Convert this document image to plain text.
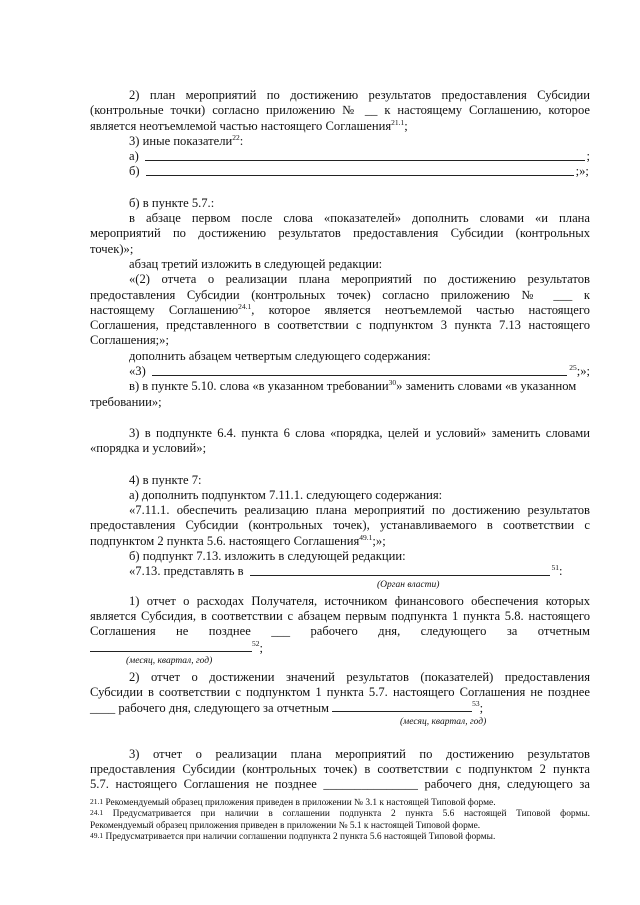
2) план мероприятий по достижению результатов предоставления Субсидии
(контрольные точки) согласно приложению № __ к настоящему Соглашению, которое
является неотъемлемой частью настоящего Соглашения$^{21.1}$;
3) иные показатели$^{22}$:
а)	;
б)	;»;
б) в пункте 5.7.:
в абзаце первом после слова «показателей» дополнить словами «и плана
мероприятий по достижению результатов предоставления Субсидии (контрольных
точек)»;
абзац третий изложить в следующей редакции:
«(2) отчета о реализации плана мероприятий по достижению результатов
предоставления Субсидии (контрольных точек) согласно приложению № ___ к
настоящему Соглашению$^{24.1}$, которое является неотъемлемой частью настоящего
Соглашения, представленного в соответствии с подпунктом 3 пункта 7.13 настоящего
Соглашения;»;
дополнить абзацем четвертым следующего содержания:
«3)	$^{25}$ ;»;
в) в пункте 5.10. слова «в указанном требовании$^{30}$» заменить словами «в указанном
требовании»;
3) в подпункте 6.4. пункта 6 слова «порядка, целей и условий» заменить словами
«порядка и условий»;
4) в пункте 7:
а) дополнить подпунктом 7.11.1. следующего содержания:
«7.11.1. обеспечить реализацию плана мероприятий по достижению результатов
предоставления Субсидии (контрольных точек), устанавливаемого в соответствии с
подпунктом 2 пункта 5.6. настоящего Соглашения$^{49.1}$;»;
б) подпункт 7.13. изложить в следующей редакции:
«7.13. представлять в	$^{51}$ :
(Орган власти)
1) отчет о расходах Получателя, источником финансового обеспечения которых
является Субсидия, в соответствии с абзацем первым подпункта 1 пункта 5.8. настоящего
Соглашения не позднее ___ рабочего дня, следующего за отчетным
$^{52}$;
(месяц, квартал, год)
2) отчет о достижении значений результатов (показателей) предоставления
Субсидии в соответствии с подпунктом 1 пункта 5.7. настоящего Соглашения не позднее
____ рабочего дня, следующего за отчетным	$^{53}$;
(месяц, квартал, год)
3) отчет о реализации плана мероприятий по достижению результатов
предоставления Субсидии (контрольных точек) в соответствии с подпунктом 2 пункта
5.7. настоящего Соглашения не позднее _______________ рабочего дня, следующего за
$^{21.1}$ Рекомендуемый образец приложения приведен в приложении № 3.1 к настоящей Типовой форме.
$^{24.1}$ Предусматривается при наличии в соглашении подпункта 2 пункта 5.6 настоящей Типовой формы.
Рекомендуемый образец приложения приведен в приложении № 5.1 к настоящей Типовой форме.
$^{49.1}$ Предусматривается при наличии соглашении подпункта 2 пункта 5.6 настоящей Типовой формы.
